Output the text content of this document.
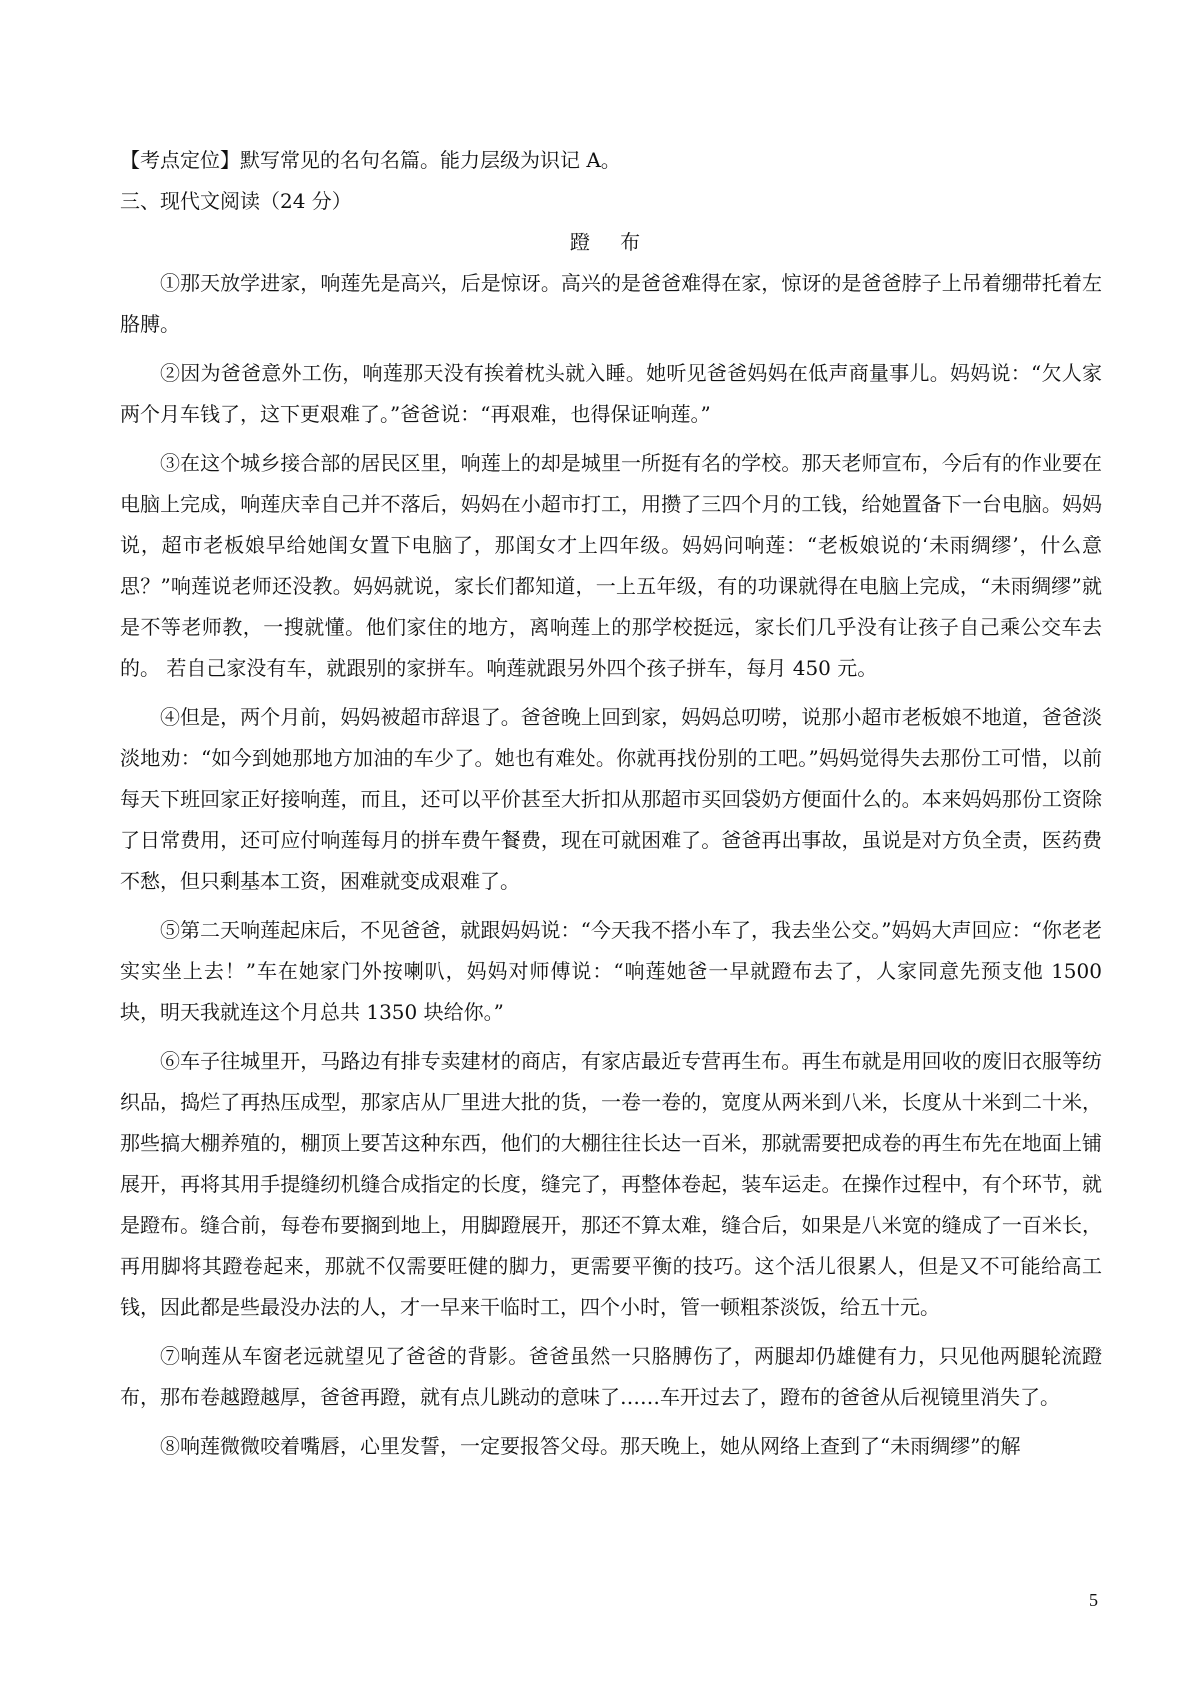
【考点定位】默写常见的名句名篇。能力层级为识记 A。

三、现代文阅读（24 分）

蹬 布

①那天放学进家，响莲先是高兴，后是惊讶。高兴的是爸爸难得在家，惊讶的是爸爸脖子上吊着绷带托着左胳膊。

②因为爸爸意外工伤，响莲那天没有挨着枕头就入睡。她听见爸爸妈妈在低声商量事儿。妈妈说：“欠人家两个月车钱了，这下更艰难了。”爸爸说：“再艰难，也得保证响莲。”

③在这个城乡接合部的居民区里，响莲上的却是城里一所挺有名的学校。那天老师宣布，今后有的作业要在电脑上完成，响莲庆幸自己并不落后，妈妈在小超市打工，用攒了三四个月的工钱，给她置备下一台电脑。妈妈说，超市老板娘早给她闺女置下电脑了，那闺女才上四年级。妈妈问响莲：“老板娘说的‘未雨绸缪’，什么意思？”响莲说老师还没教。妈妈就说，家长们都知道，一上五年级，有的功课就得在电脑上完成，“未雨绸缪”就是不等老师教，一搜就懂。他们家住的地方，离响莲上的那学校挺远，家长们几乎没有让孩子自己乘公交车去的。 若自己家没有车，就跟别的家拼车。响莲就跟另外四个孩子拼车，每月 450 元。

④但是，两个月前，妈妈被超市辞退了。爸爸晚上回到家，妈妈总叨唠，说那小超市老板娘不地道，爸爸淡淡地劝：“如今到她那地方加油的车少了。她也有难处。你就再找份别的工吧。”妈妈觉得失去那份工可惜，以前每天下班回家正好接响莲，而且，还可以平价甚至大折扣从那超市买回袋奶方便面什么的。本来妈妈那份工资除了日常费用，还可应付响莲每月的拼车费午餐费，现在可就困难了。爸爸再出事故，虽说是对方负全责，医药费不愁，但只剩基本工资，困难就变成艰难了。

⑤第二天响莲起床后，不见爸爸，就跟妈妈说：“今天我不搭小车了，我去坐公交。”妈妈大声回应：“你老老实实坐上去！”车在她家门外按喇叭，妈妈对师傅说：“响莲她爸一早就蹬布去了，人家同意先预支他 1500 块，明天我就连这个月总共 1350 块给你。”

⑥车子往城里开，马路边有排专卖建材的商店，有家店最近专营再生布。再生布就是用回收的废旧衣服等纺织品，捣烂了再热压成型，那家店从厂里进大批的货，一卷一卷的，宽度从两米到八米，长度从十米到二十米，那些搞大棚养殖的，棚顶上要苫这种东西，他们的大棚往往长达一百米，那就需要把成卷的再生布先在地面上铺展开，再将其用手提缝纫机缝合成指定的长度，缝完了，再整体卷起，装车运走。在操作过程中，有个环节，就是蹬布。缝合前，每卷布要搁到地上，用脚蹬展开，那还不算太难，缝合后，如果是八米宽的缝成了一百米长，再用脚将其蹬卷起来，那就不仅需要旺健的脚力，更需要平衡的技巧。这个活儿很累人，但是又不可能给高工钱，因此都是些最没办法的人，才一早来干临时工，四个小时，管一顿粗茶淡饭，给五十元。

⑦响莲从车窗老远就望见了爸爸的背影。爸爸虽然一只胳膊伤了，两腿却仍雄健有力，只见他两腿轮流蹬布，那布卷越蹬越厚，爸爸再蹬，就有点儿跳动的意味了……车开过去了，蹬布的爸爸从后视镜里消失了。

⑧响莲微微咬着嘴唇，心里发誓，一定要报答父母。那天晚上，她从网络上查到了“未雨绸缪”的解

5
